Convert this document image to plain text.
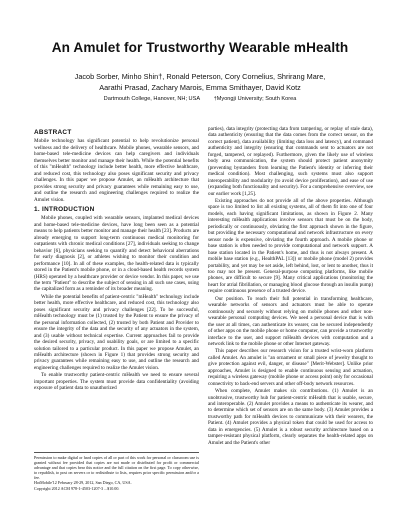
An Amulet for Trustworthy Wearable mHealth
Jacob Sorber, Minho Shin†, Ronald Peterson, Cory Cornelius, Shrirang Mare,
Aarathi Prasad, Zachary Marois, Emma Smithayer, David Kotz
Dartmouth College, Hanover, NH; USA †Myongji University; South Korea
ABSTRACT

Mobile technology has significant potential to help revolutionize personal wellness and the delivery of healthcare. Mobile phones, wearable sensors, and home-based tele-medicine devices can help caregivers and individuals themselves better monitor and manage their health. While the potential benefits of this "mHealth" technology include better health, more effective healthcare, and reduced cost, this technology also poses significant security and privacy challenges. In this paper we propose Amulet, an mHealth architecture that provides strong security and privacy guarantees while remaining easy to use, and outline the research and engineering challenges required to realize the Amulet vision.

1. INTRODUCTION

Mobile phones, coupled with wearable sensors, implanted medical devices and home-based tele-medicine devices, have long been seen as a potential means to help patients better monitor and manage their health [23]. Products are already emerging to support long-term continuous medical monitoring for outpatients with chronic medical conditions [27], individuals seeking to change behavior [6], physicians seeking to quantify and detect behavioral aberrations for early diagnosis [2], or athletes wishing to monitor their condition and performance [10]. In all of these examples, the health-related data is typically stored in the Patient's mobile phone, or in a cloud-based health records system (HRS) operated by a healthcare provider or device vendor. In this paper, we use the term "Patient" to describe the subject of sensing in all such use cases, using the capitalized form as a reminder of its broader meaning.

While the potential benefits of patient-centric "mHealth" technology include better health, more effective healthcare, and reduced cost, this technology also poses significant security and privacy challenges [22]. To be successful, mHealth technology must be (1) trusted by the Patient to ensure the privacy of the personal information collected, (2) trusted by both Patient and Provider to ensure the integrity of the data and the security of any actuators in the system, and (3) usable without technical expertise. Current approaches fail to provide the desired security, privacy, and usability goals, or are limited to a specific solution tailored to a particular product. In this paper we propose Amulet, an mHealth architecture (shown in Figure 1) that provides strong security and privacy guarantees while remaining easy to use, and outline the research and engineering challenges required to realize the Amulet vision.

To enable trustworthy patient-centric mHealth we need to ensure several important properties. The system must provide data confidentiality (avoiding exposure of patient data to unauthorized

Permission to make digital or hard copies of all or part of this work for personal or classroom use is granted without fee provided that copies are not made or distributed for profit or commercial advantage and that copies bear this notice and the full citation on the first page. To copy otherwise, to republish, to post on servers or to redistribute to lists, requires prior specific permission and/or a fee.

HotMobile'12 February 28-29, 2012, San Diego, CA, USA.

Copyright 2012 ACM 978-1-4503-1207-3 ...$10.00.

parties), data integrity (protecting data from tampering, or replay of stale data), data authenticity (ensuring that the data comes from the correct sensor, on the correct patient), data availability (limiting data loss and latency), and command authenticity and integrity (ensuring that commands sent to actuators are not forged, tampered, or replayed). Furthermore, given the likely use of wireless body area communication, the system should protect patient anonymity (preventing bystanders from learning the Patient's identity or inferring their medical condition). Most challenging, such systems must also support interoperability and modularity (to avoid device proliferation), and ease of use (expanding both functionality and security). For a comprehensive overview, see our earlier work [1,25].

Existing approaches do not provide all of the above properties. Although space is too limited to list all existing systems, all of them fit into one of four models, each having significant limitations, as shown in Figure 2. Many interesting mHealth applications involve sensors that must be on the body, periodically or continuously, obviating the first approach shown in the figure, but providing the necessary computational and network infrastructure on every sensor node is expensive, obviating the fourth approach. A mobile phone or base station is often needed to provide computational and network support. A base station located in the Patient's home, and thus is not always present. A mobile base station (e.g., HealthPAL [13]) or mobile phone (model 2) provides portability, and yet may be set aside, left behind, lost, or lent to another, thus it too may not be present. General-purpose computing platforms, like mobile phones, are difficult to secure [9]. Many critical applications (monitoring the heart for atrial fibrillation, or managing blood glucose through an insulin pump) require continuous presence of a trusted device.

Our position. To reach their full potential in transforming healthcare, wearable networks of sensors and actuators must be able to operate continuously and securely without relying on mobile phones and other non-wearable personal computing devices. We need a personal device that is with the user at all times, can authenticate its wearer, can be secured independently of other apps on the mobile phone or home computer, can provide a trustworthy interface to the user, and support mHealth devices with computation and a network link to the mobile phone or other Internet gateway.

This paper describes our research vision for a trusted wrist-worn platform called Amulet. An amulet is "an ornament or small piece of jewelry thought to give protection against evil, danger, or disease" [Merit-Webster]. Unlike prior approaches, Amulet is designed to enable continuous sensing and actuation, requiring a wireless gateway (mobile phone or access point) only for occasional connectivity to back-end servers and other off-body network resources.

When complete, Amulet makes six contributions. (1) Amulet is an unobtrusive, trustworthy hub for patient-centric mHealth that is usable, secure, and interoperable. (2) Amulet provides a means to authenticate its wearer, and to determine which set of sensors are on the same body. (3) Amulet provides a trustworthy path for mHealth devices to communicate with their wearers, the Patient. (4) Amulet provides a physical token that could be used for access to data in emergencies. (5) Amulet is a robust security architecture based on a tamper-resistant physical platform, clearly separates the health-related apps on Amulet and the Patient's other
